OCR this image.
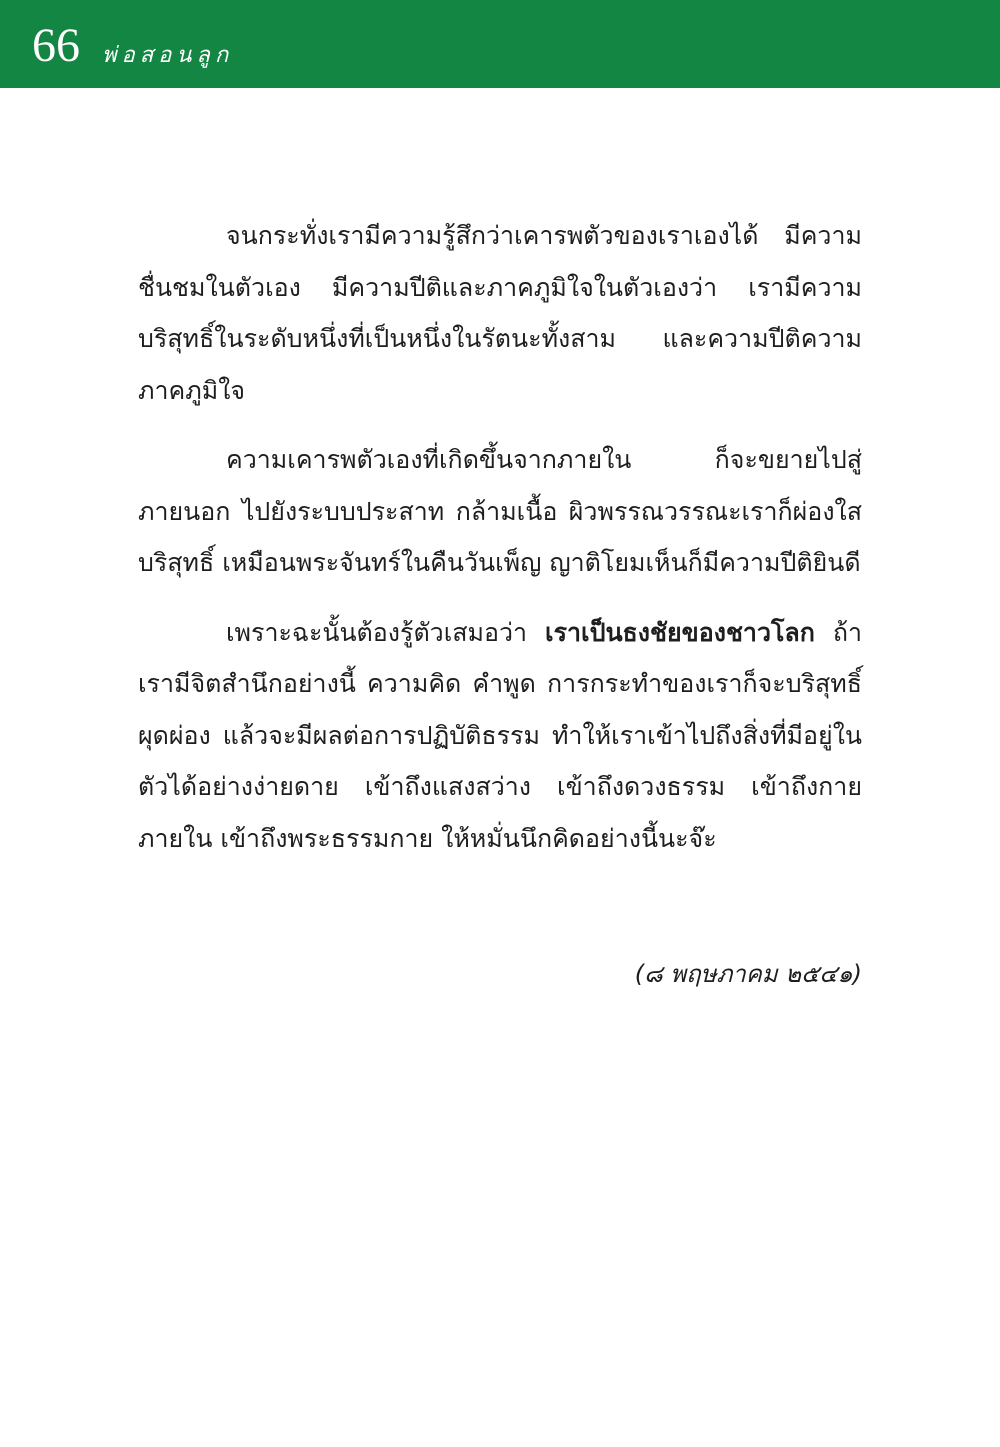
66 พ่อสอนลูก

จนกระทั่งเรามีความรู้สึกว่าเคารพตัวของเราเองได้ มีความชื่นชมในตัวเอง มีความปีติและภาคภูมิใจในตัวเองว่า เรามีความบริสุทธิ์ในระดับหนึ่งที่เป็นหนึ่งในรัตนะทั้งสาม และความปีติความภาคภูมิใจ

ความเคารพตัวเองที่เกิดขึ้นจากภายใน ก็จะขยายไปสู่ภายนอก ไปยังระบบประสาท กล้ามเนื้อ ผิวพรรณวรรณะเราก็ผ่องใส บริสุทธิ์ เหมือนพระจันทร์ในคืนวันเพ็ญ ญาติโยมเห็นก็มีความปีติยินดี

เพราะฉะนั้นต้องรู้ตัวเสมอว่า เราเป็นธงชัยของชาวโลก ถ้าเรามีจิตสำนึกอย่างนี้ ความคิด คำพูด การกระทำของเราก็จะบริสุทธิ์ผุดผ่อง แล้วจะมีผลต่อการปฏิบัติธรรม ทำให้เราเข้าไปถึงสิ่งที่มีอยู่ในตัวได้อย่างง่ายดาย เข้าถึงแสงสว่าง เข้าถึงดวงธรรม เข้าถึงกายภายใน เข้าถึงพระธรรมกาย ให้หมั่นนึกคิดอย่างนี้นะจ๊ะ

(๘ พฤษภาคม ๒๕๔๑)
